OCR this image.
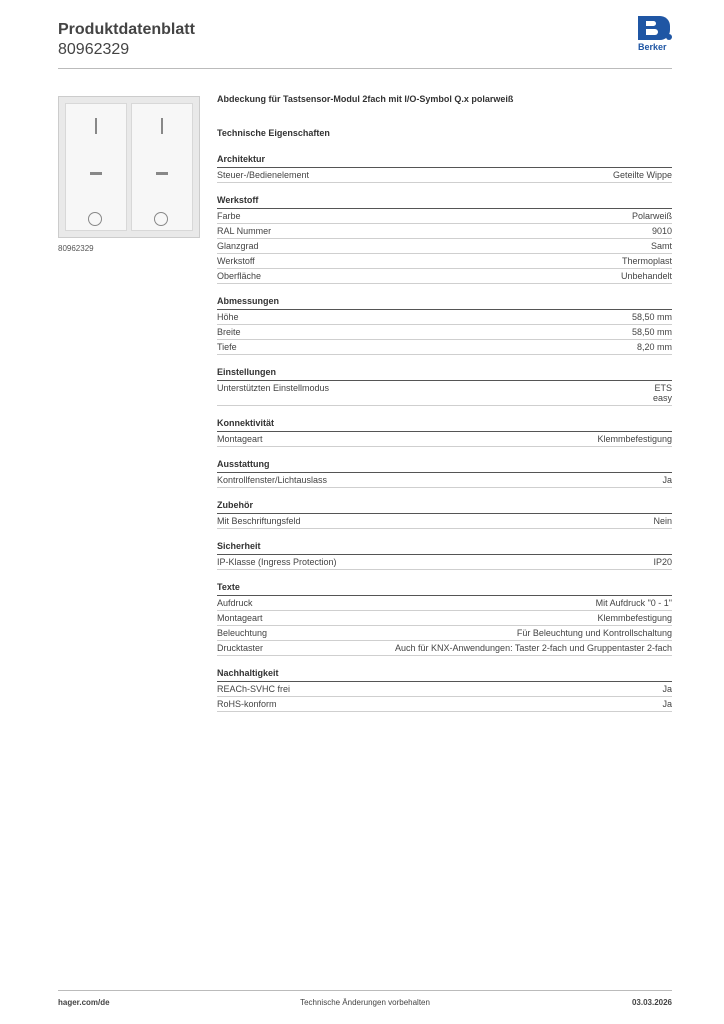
Produktdatenblatt
80962329	Berker
80962329
Abdeckung für Tastsensor-Modul 2fach mit I/O-Symbol Q.x polarweiß
Technische Eigenschaften
Architektur
Steuer-/Bedienelement	Geteilte Wippe
Werkstoff
Farbe	Polarweiß
RAL Nummer	9010
Glanzgrad	Samt
Werkstoff	Thermoplast
Oberfläche	Unbehandelt
Abmessungen
Höhe	58,50 mm
Breite	58,50 mm
Tiefe	8,20 mm
Einstellungen
Unterstützten Einstellmodus	ETS
easy
Konnektivität
Montageart	Klemmbefestigung
Ausstattung
Kontrollfenster/Lichtauslass	Ja
Zubehör
Mit Beschriftungsfeld	Nein
Sicherheit
IP-Klasse (Ingress Protection)	IP20
Texte
Aufdruck	Mit Aufdruck "0 - 1"
Montageart	Klemmbefestigung
Beleuchtung	Für Beleuchtung und Kontrollschaltung
Drucktaster	Auch für KNX-Anwendungen: Taster 2-fach und Gruppentaster 2-fach
Nachhaltigkeit
REACh-SVHC frei	Ja
RoHS-konform	Ja
hager.com/de	Technische Änderungen vorbehalten	03.03.2026
